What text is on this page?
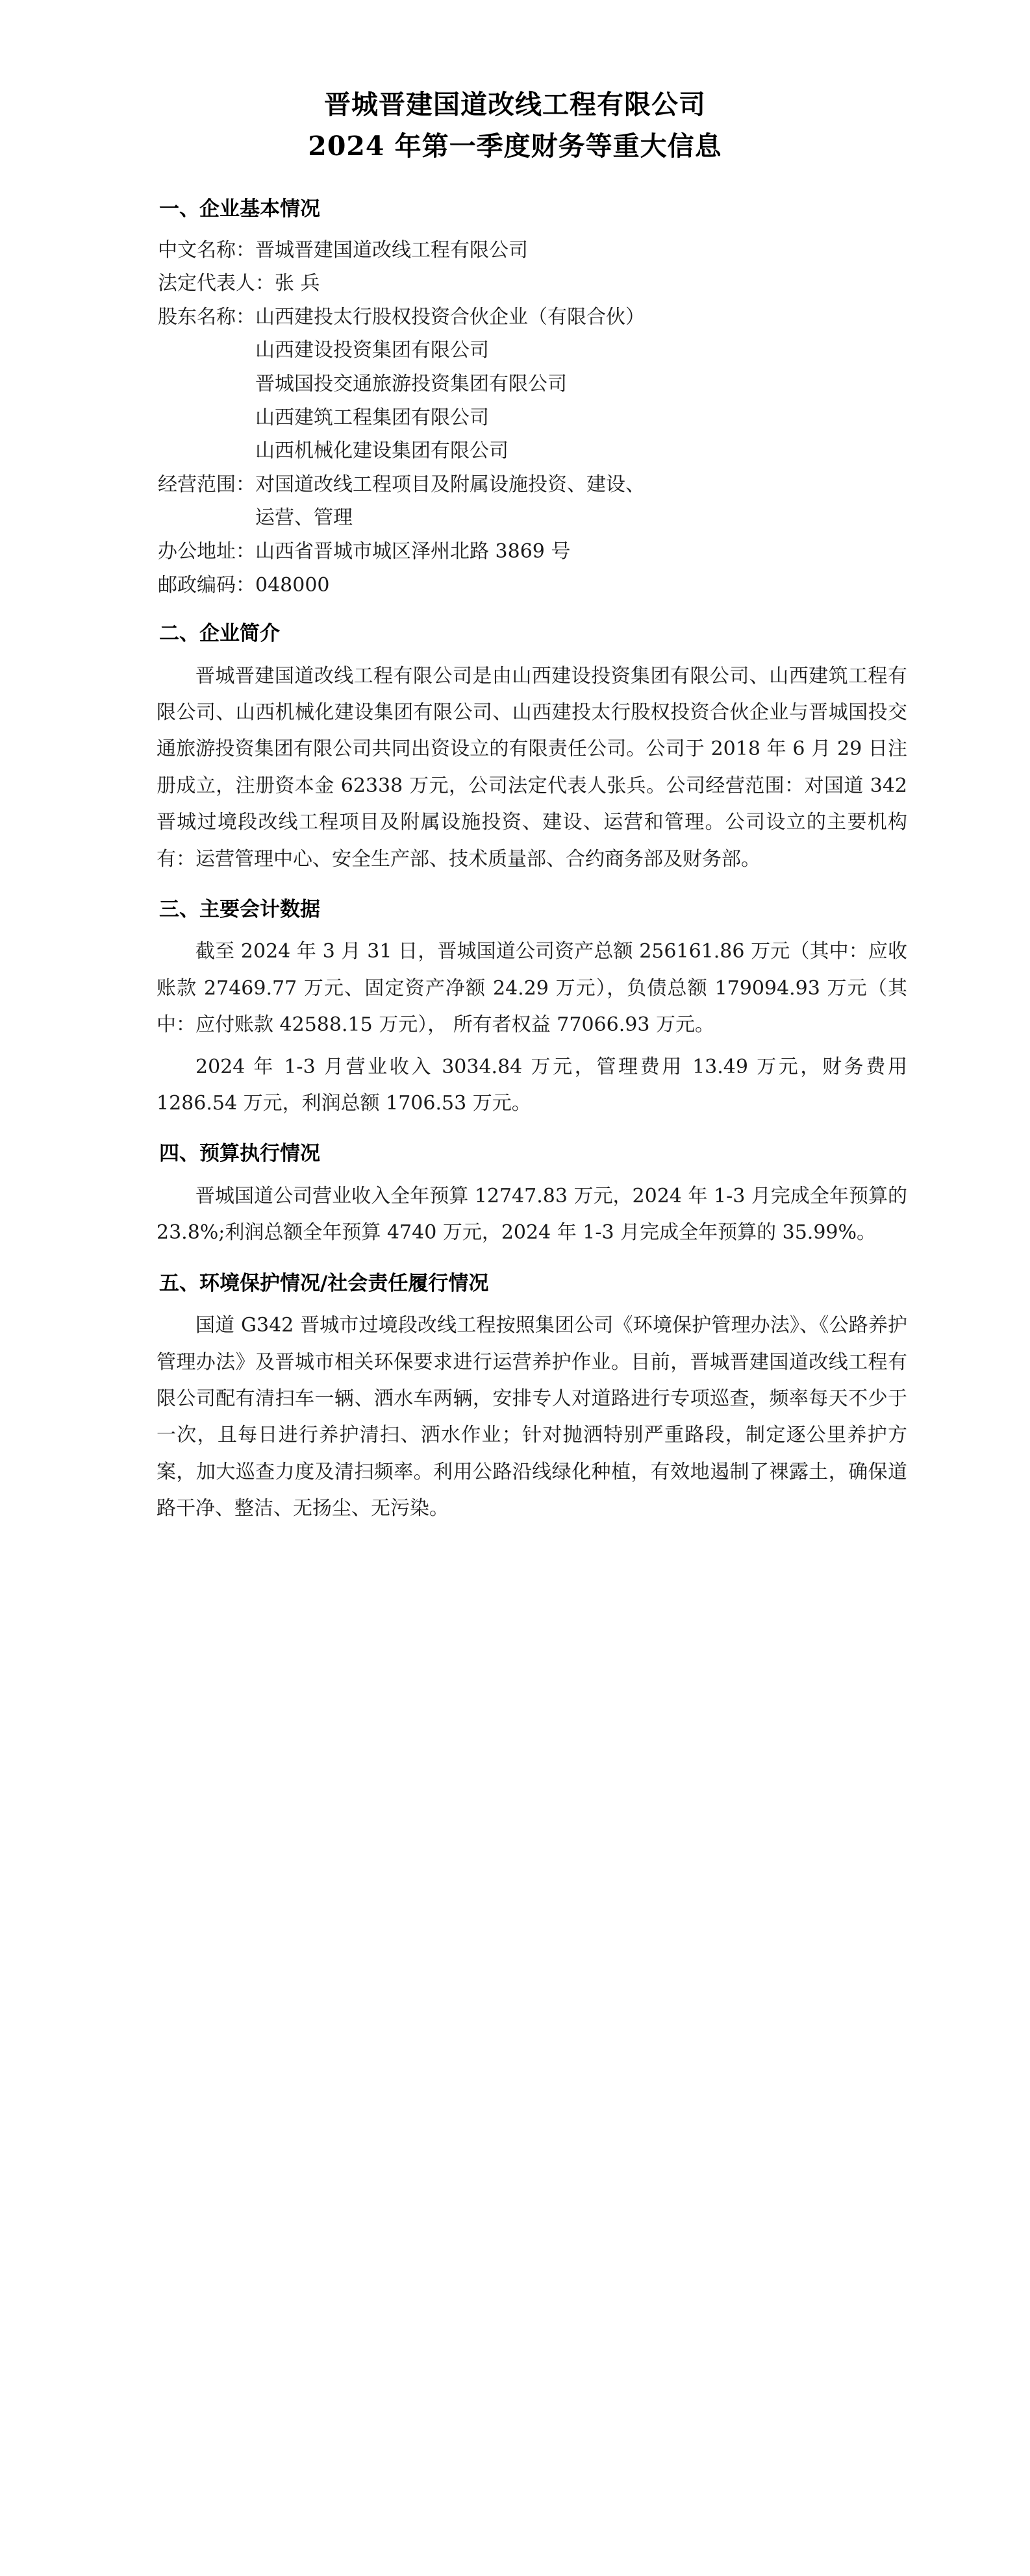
晋城晋建国道改线工程有限公司
2024 年第一季度财务等重大信息
一、企业基本情况
中文名称： 晋城晋建国道改线工程有限公司
法定代表人： 张 兵
股东名称： 山西建投太行股权投资合伙企业（有限合伙）
山西建设投资集团有限公司
晋城国投交通旅游投资集团有限公司
山西建筑工程集团有限公司
山西机械化建设集团有限公司
经营范围： 对国道改线工程项目及附属设施投资、建设、
运营、管理
办公地址： 山西省晋城市城区泽州北路 3869 号
邮政编码： 048000
二、企业简介

晋城晋建国道改线工程有限公司是由山西建设投资集团有限公司、山西建筑工程有限公司、山西机械化建设集团有限公司、山西建投太行股权投资合伙企业与晋城国投交通旅游投资集团有限公司共同出资设立的有限责任公司。公司于 2018 年 6 月 29 日注册成立，注册资本金 62338 万元，公司法定代表人张兵。公司经营范围：对国道 342 晋城过境段改线工程项目及附属设施投资、建设、运营和管理。公司设立的主要机构有：运营管理中心、安全生产部、技术质量部、合约商务部及财务部。

三、主要会计数据

截至 2024 年 3 月 31 日，晋城国道公司资产总额 256161.86 万元（其中：应收账款 27469.77 万元、固定资产净额 24.29 万元），负债总额 179094.93 万元（其中：应付账款 42588.15 万元）， 所有者权益 77066.93 万元。

2024 年 1-3 月营业收入 3034.84 万元，管理费用 13.49 万元，财务费用 1286.54 万元，利润总额 1706.53 万元。

四、预算执行情况

晋城国道公司营业收入全年预算 12747.83 万元，2024 年 1-3 月完成全年预算的 23.8%;利润总额全年预算 4740 万元，2024 年 1-3 月完成全年预算的 35.99%。

五、环境保护情况/社会责任履行情况

国道 G342 晋城市过境段改线工程按照集团公司《环境保护管理办法》、《公路养护管理办法》及晋城市相关环保要求进行运营养护作业。目前，晋城晋建国道改线工程有限公司配有清扫车一辆、洒水车两辆，安排专人对道路进行专项巡查，频率每天不少于一次，且每日进行养护清扫、洒水作业；针对抛洒特别严重路段，制定逐公里养护方案，加大巡查力度及清扫频率。利用公路沿线绿化种植，有效地遏制了裸露土，确保道路干净、整洁、无扬尘、无污染。
